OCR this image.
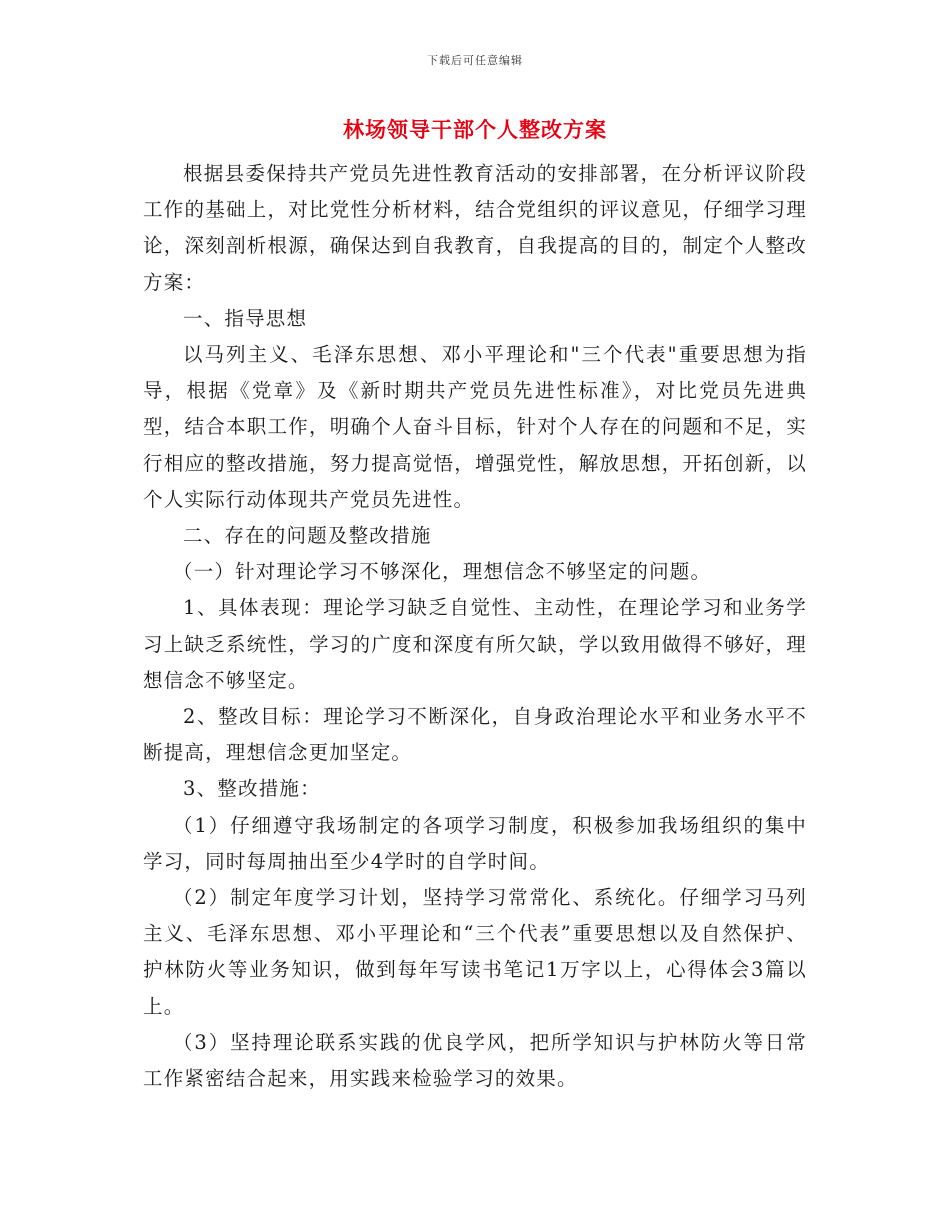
下载后可任意编辑
林场领导干部个人整改方案

根据县委保持共产党员先进性教育活动的安排部署，在分析评议阶段工作的基础上，对比党性分析材料，结合党组织的评议意见，仔细学习理论，深刻剖析根源，确保达到自我教育，自我提高的目的，制定个人整改方案：

一、指导思想

以马列主义、毛泽东思想、邓小平理论和"三个代表"重要思想为指导，根据《党章》及《新时期共产党员先进性标准》，对比党员先进典型，结合本职工作，明确个人奋斗目标，针对个人存在的问题和不足，实行相应的整改措施，努力提高觉悟，增强党性，解放思想，开拓创新，以个人实际行动体现共产党员先进性。

二、存在的问题及整改措施

（一）针对理论学习不够深化，理想信念不够坚定的问题。

1、具体表现：理论学习缺乏自觉性、主动性，在理论学习和业务学习上缺乏系统性，学习的广度和深度有所欠缺，学以致用做得不够好，理想信念不够坚定。

2、整改目标：理论学习不断深化，自身政治理论水平和业务水平不断提高，理想信念更加坚定。

3、整改措施：

（1）仔细遵守我场制定的各项学习制度，积极参加我场组织的集中学习，同时每周抽出至少4学时的自学时间。

（2）制定年度学习计划，坚持学习常常化、系统化。仔细学习马列主义、毛泽东思想、邓小平理论和“三个代表”重要思想以及自然保护、护林防火等业务知识，做到每年写读书笔记1万字以上，心得体会3篇以上。

（3）坚持理论联系实践的优良学风，把所学知识与护林防火等日常工作紧密结合起来，用实践来检验学习的效果。
